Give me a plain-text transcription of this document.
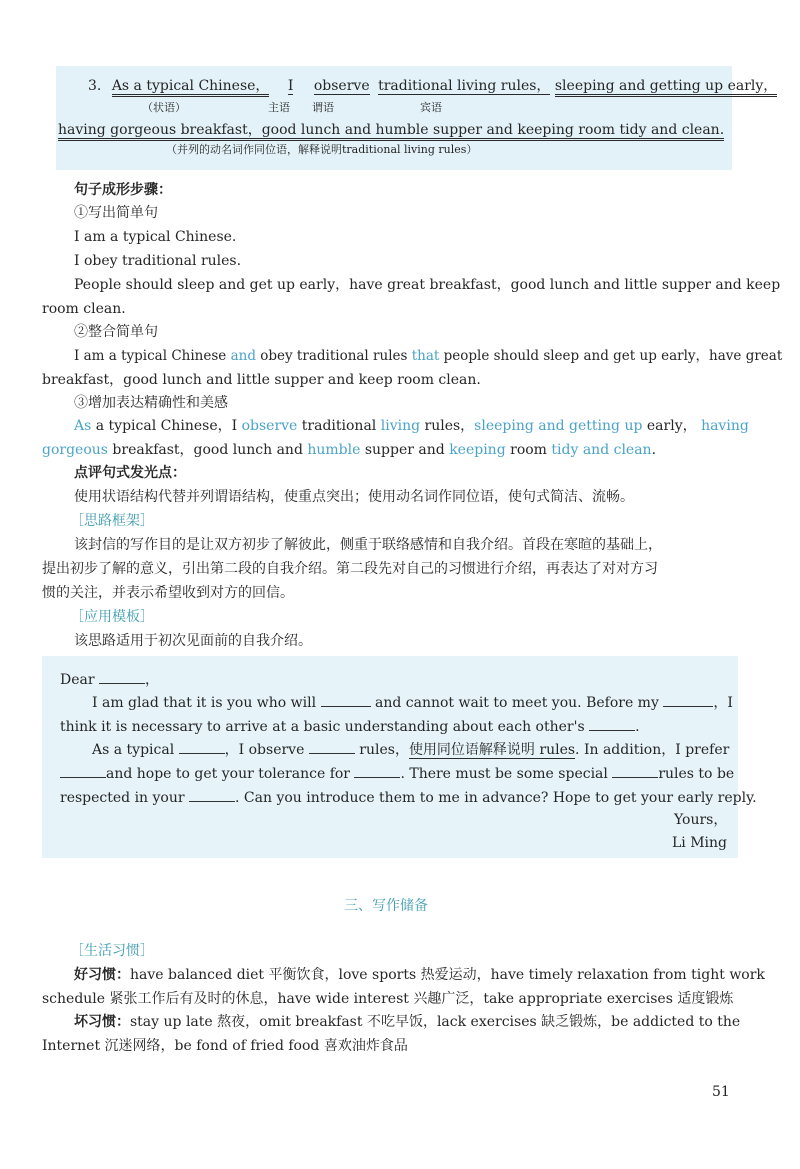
3. As a typical Chinese， I observe traditional living rules， sleeping and getting up early，
（状语）	主语 谓语	宾语
having gorgeous breakfast，good lunch and humble supper and keeping room tidy and clean.
（并列的动名词作同位语，解释说明traditional living rules）
句子成形步骤：
①写出简单句
I am a typical Chinese.
I obey traditional rules.
People should sleep and get up early，have great breakfast，good lunch and little supper and keep
room clean.
②整合简单句
I am a typical Chinese and obey traditional rules that people should sleep and get up early，have great
breakfast，good lunch and little supper and keep room clean.
③增加表达精确性和美感
As a typical Chinese，I observe traditional living rules，sleeping and getting up early， having
gorgeous breakfast，good lunch and humble supper and keeping room tidy and clean.
点评句式发光点：
使用状语结构代替并列谓语结构，使重点突出；使用动名词作同位语，使句式简洁、流畅。
［思路框架］
该封信的写作目的是让双方初步了解彼此，侧重于联络感情和自我介绍。首段在寒暄的基础上，
提出初步了解的意义，引出第二段的自我介绍。第二段先对自己的习惯进行介绍，再表达了对对方习
惯的关注，并表示希望收到对方的回信。
［应用模板］
该思路适用于初次见面前的自我介绍。
Dear	，
I am glad that it is you who will	and cannot wait to meet you. Before my	，I
think it is necessary to arrive at a basic understanding about each other's	.
As a typical	，I observe	rules，使用同位语解释说明 rules. In addition，I prefer
and hope to get your tolerance for	. There must be some special	rules to be
respected in your	. Can you introduce them to me in advance? Hope to get your early reply.
Yours，
Li Ming
三、写作储备
［生活习惯］
好习惯：have balanced diet 平衡饮食，love sports 热爱运动，have timely relaxation from tight work
schedule 紧张工作后有及时的休息，have wide interest 兴趣广泛，take appropriate exercises 适度锻炼
坏习惯：stay up late 熬夜，omit breakfast 不吃早饭，lack exercises 缺乏锻炼，be addicted to the
Internet 沉迷网络，be fond of fried food 喜欢油炸食品
51
